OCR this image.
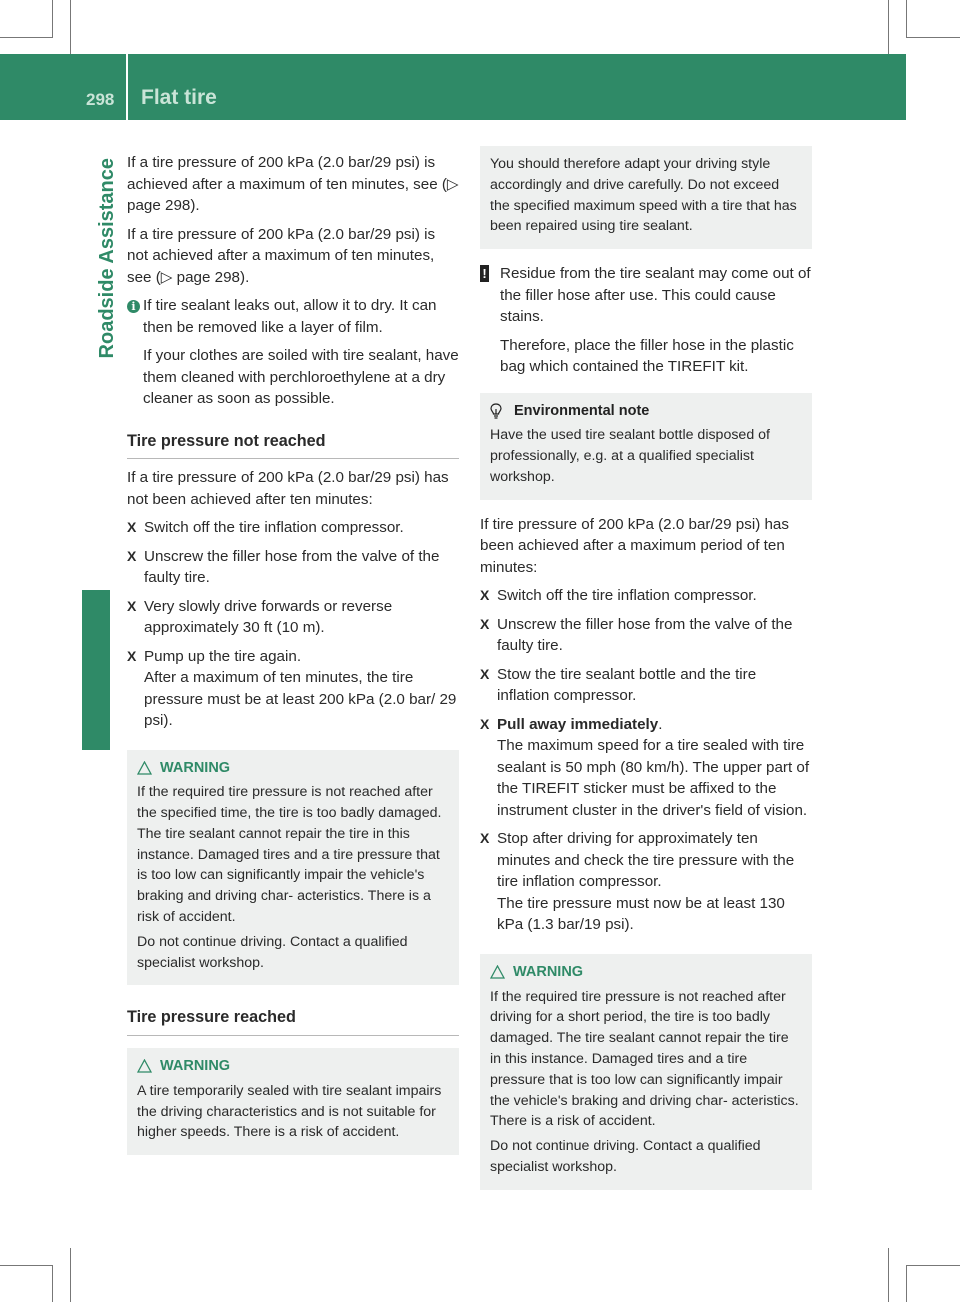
298 Flat tire
Roadside Assistance If a tire pressure of 200 kPa (2.0 bar/29 psi) is achieved after a maximum of ten minutes, see (▷ page 298).

If a tire pressure of 200 kPa (2.0 bar/29 psi) is not achieved after a maximum of ten minutes, see (▷ page 298).

i If tire sealant leaks out, allow it to dry. It can then be removed like a layer of film.

If your clothes are soiled with tire sealant, have them cleaned with perchloroethylene at a dry cleaner as soon as possible.

Tire pressure not reached

If a tire pressure of 200 kPa (2.0 bar/29 psi) has not been achieved after ten minutes:

X Switch off the tire inflation compressor.
X Unscrew the filler hose from the valve of the faulty tire.
X Very slowly drive forwards or reverse approximately 30 ft (10 m).
X Pump up the tire again.
After a maximum of ten minutes, the tire pressure must be at least 200 kPa (2.0 bar/ 29 psi).
WARNING

If the required tire pressure is not reached after the specified time, the tire is too badly damaged. The tire sealant cannot repair the tire in this instance. Damaged tires and a tire pressure that is too low can significantly impair the vehicle's braking and driving char- acteristics. There is a risk of accident.

Do not continue driving. Contact a qualified specialist workshop.

Tire pressure reached
WARNING

A tire temporarily sealed with tire sealant impairs the driving characteristics and is not suitable for higher speeds. There is a risk of accident.

You should therefore adapt your driving style accordingly and drive carefully. Do not exceed the specified maximum speed with a tire that has been repaired using tire sealant.

! Residue from the tire sealant may come out of the filler hose after use. This could cause stains.

Therefore, place the filler hose in the plastic bag which contained the TIREFIT kit.

Environmental note

Have the used tire sealant bottle disposed of professionally, e.g. at a qualified specialist workshop.

If tire pressure of 200 kPa (2.0 bar/29 psi) has been achieved after a maximum period of ten minutes:

X Switch off the tire inflation compressor.
X Unscrew the filler hose from the valve of the faulty tire.
X Stow the tire sealant bottle and the tire inflation compressor.
X Pull away immediately.
The maximum speed for a tire sealed with tire sealant is 50 mph (80 km/h). The upper part of the TIREFIT sticker must be affixed to the instrument cluster in the driver's field of vision.
X Stop after driving for approximately ten minutes and check the tire pressure with the tire inflation compressor.
The tire pressure must now be at least 130 kPa (1.3 bar/19 psi).
WARNING

If the required tire pressure is not reached after driving for a short period, the tire is too badly damaged. The tire sealant cannot repair the tire in this instance. Damaged tires and a tire pressure that is too low can significantly impair the vehicle's braking and driving char- acteristics. There is a risk of accident.

Do not continue driving. Contact a qualified specialist workshop.
